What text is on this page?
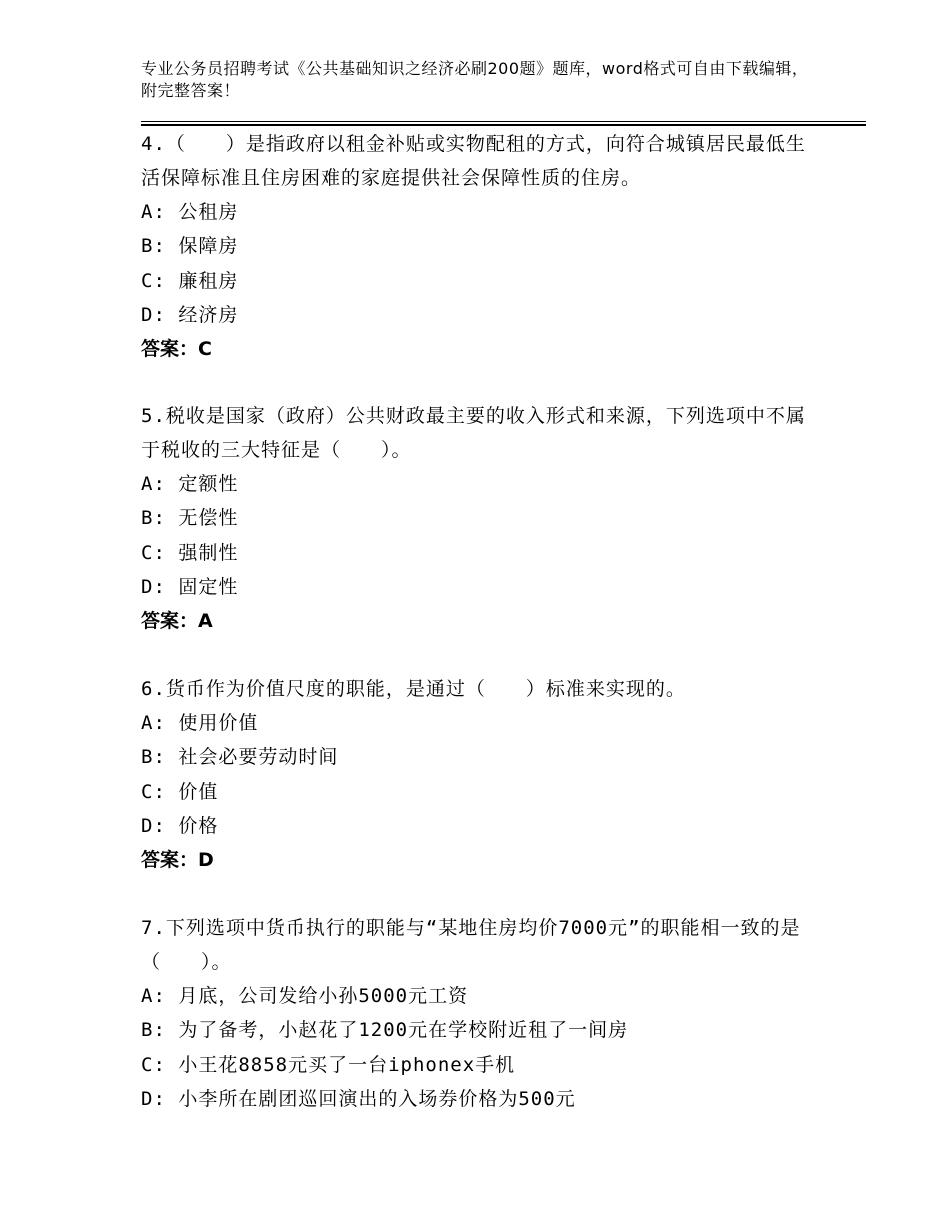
专业公务员招聘考试《公共基础知识之经济必刷200题》题库，word格式可自由下载编辑，附完整答案！

4.（　　）是指政府以租金补贴或实物配租的方式，向符合城镇居民最低生活保障标准且住房困难的家庭提供社会保障性质的住房。

A: 公租房

B: 保障房

C: 廉租房

D: 经济房

答案：C

5.税收是国家（政府）公共财政最主要的收入形式和来源，下列选项中不属于税收的三大特征是（　　）。

A: 定额性

B: 无偿性

C: 强制性

D: 固定性

答案：A

6.货币作为价值尺度的职能，是通过（　　）标准来实现的。

A: 使用价值

B: 社会必要劳动时间

C: 价值

D: 价格

答案：D

7.下列选项中货币执行的职能与“某地住房均价7000元”的职能相一致的是（　　）。

A: 月底，公司发给小孙5000元工资

B: 为了备考，小赵花了1200元在学校附近租了一间房

C: 小王花8858元买了一台iphonex手机

D: 小李所在剧团巡回演出的入场券价格为500元
